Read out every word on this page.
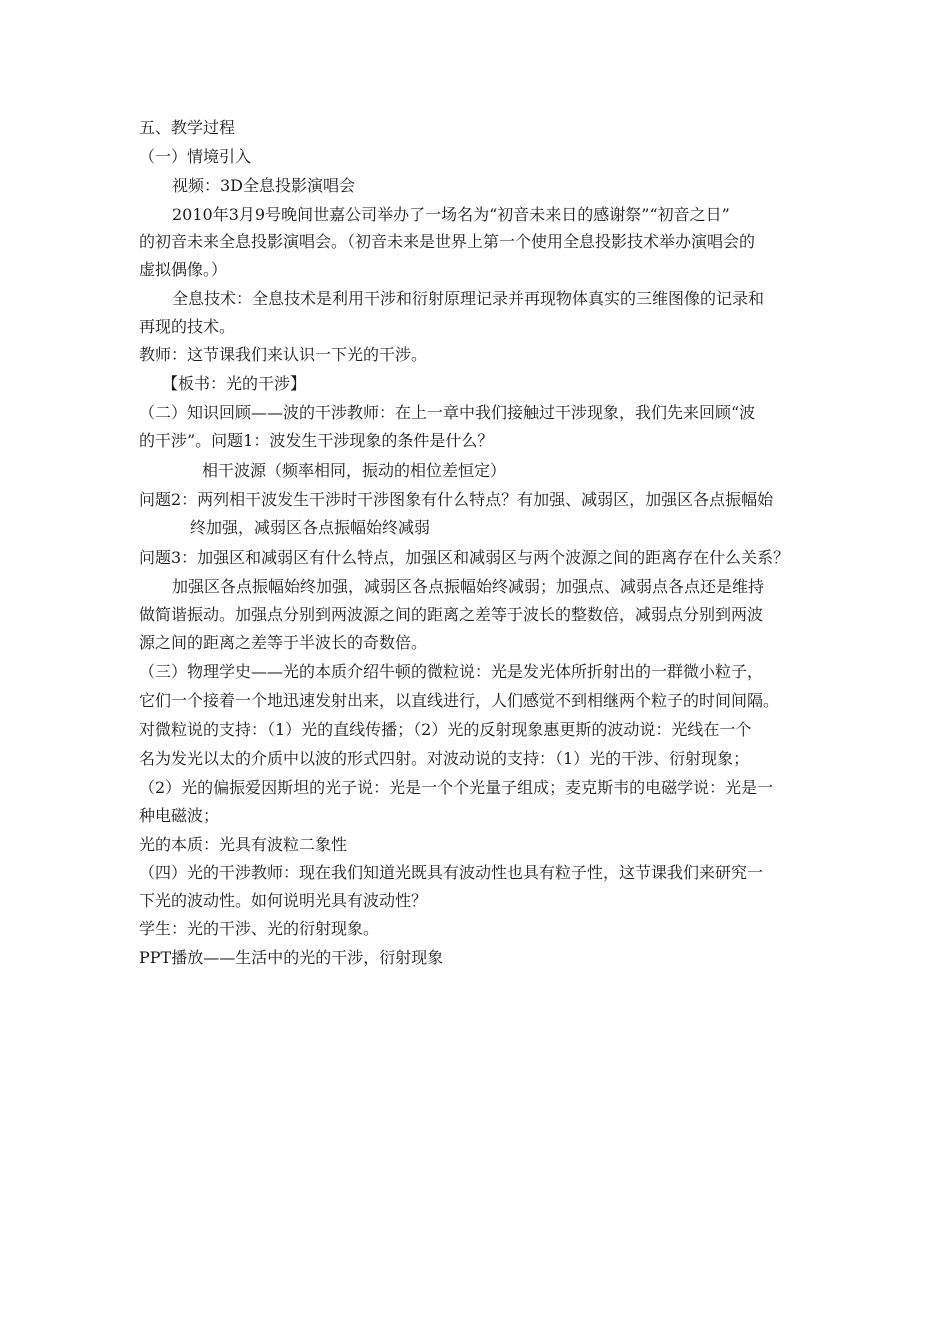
五、教学过程
（一）情境引入
视频：3D全息投影演唱会
2010年3月9号晚间世嘉公司举办了一场名为“初音未来日的感谢祭”“初音之日”
的初音未来全息投影演唱会。（初音未来是世界上第一个使用全息投影技术举办演唱会的
虚拟偶像。）
全息技术：全息技术是利用干涉和衍射原理记录并再现物体真实的三维图像的记录和
再现的技术。
教师：这节课我们来认识一下光的干涉。
【板书：光的干涉】
（二）知识回顾——波的干涉教师：在上一章中我们接触过干涉现象，我们先来回顾“波
的干涉”。问题1：波发生干涉现象的条件是什么？
相干波源（频率相同，振动的相位差恒定）
问题2：两列相干波发生干涉时干涉图象有什么特点？有加强、减弱区，加强区各点振幅始
终加强，减弱区各点振幅始终减弱
问题3：加强区和减弱区有什么特点，加强区和减弱区与两个波源之间的距离存在什么关系？
加强区各点振幅始终加强，减弱区各点振幅始终减弱；加强点、减弱点各点还是维持
做简谐振动。加强点分别到两波源之间的距离之差等于波长的整数倍，减弱点分别到两波
源之间的距离之差等于半波长的奇数倍。
（三）物理学史——光的本质介绍牛顿的微粒说：光是发光体所折射出的一群微小粒子，
它们一个接着一个地迅速发射出来，以直线进行，人们感觉不到相继两个粒子的时间间隔。
对微粒说的支持：（1）光的直线传播；（2）光的反射现象惠更斯的波动说：光线在一个
名为发光以太的介质中以波的形式四射。对波动说的支持：（1）光的干涉、衍射现象；
（2）光的偏振爱因斯坦的光子说：光是一个个光量子组成；麦克斯韦的电磁学说：光是一
种电磁波；
光的本质：光具有波粒二象性
（四）光的干涉教师：现在我们知道光既具有波动性也具有粒子性，这节课我们来研究一
下光的波动性。如何说明光具有波动性？
学生：光的干涉、光的衍射现象。
PPT播放——生活中的光的干涉，衍射现象
